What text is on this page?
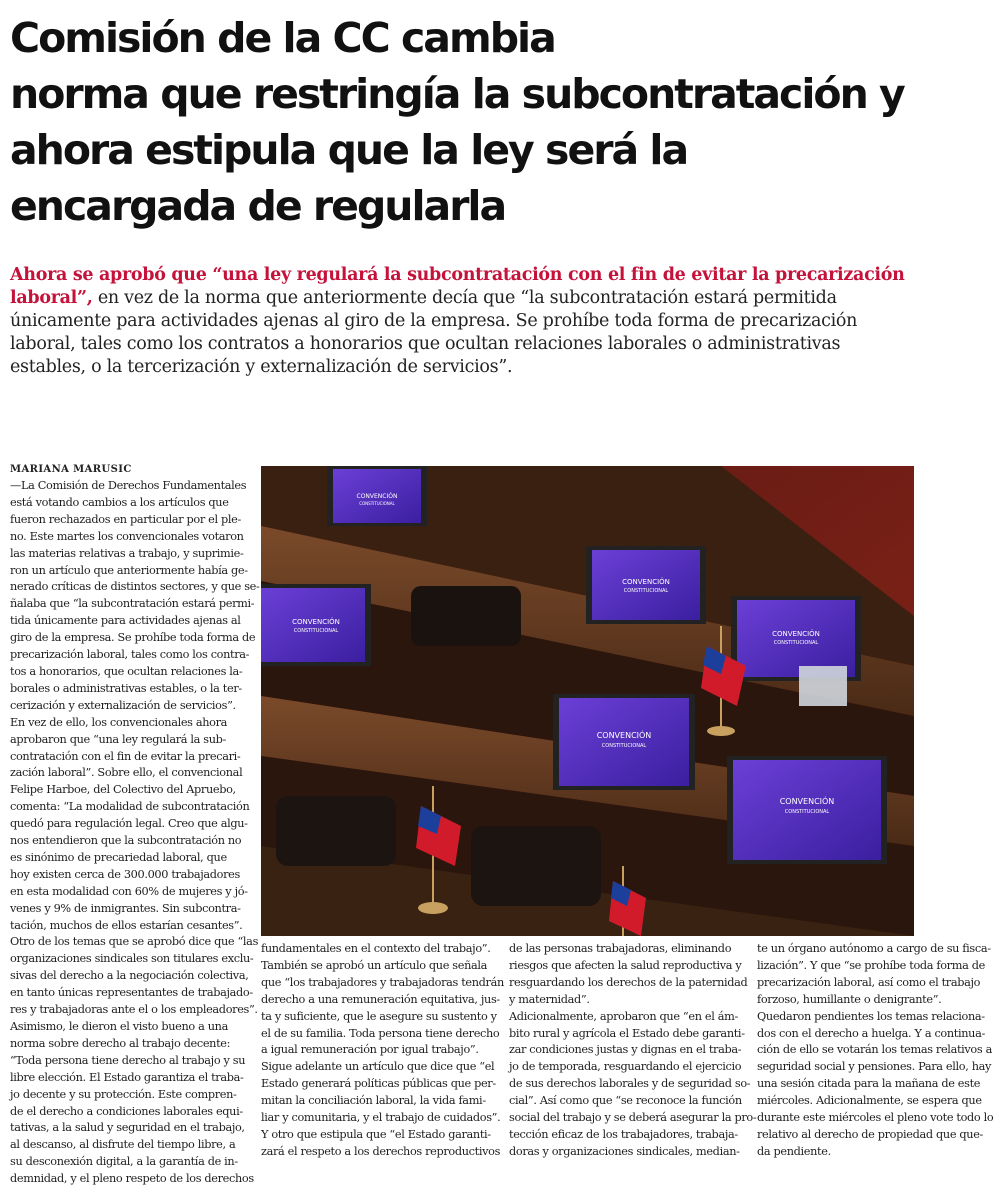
Comisión de la CC cambia
norma que restringía la subcontratación y
ahora estipula que la ley será la
encargada de regularla

Ahora se aprobó que “una ley regulará la subcontratación con el fin de evitar la precarización
laboral”, en vez de la norma que anteriormente decía que “la subcontratación estará permitida
únicamente para actividades ajenas al giro de la empresa. Se prohíbe toda forma de precarización
laboral, tales como los contratos a honorarios que ocultan relaciones laborales o administrativas
estables, o la tercerización y externalización de servicios”.

MARIANA MARUSIC
CONVENCIÓN
CONSTITUCIONAL
CONVENCIÓN
CONSTITUCIONAL
CONVENCIÓN
CONSTITUCIONAL
CONVENCIÓN
CONSTITUCIONAL
CONVENCIÓN
CONSTITUCIONAL
CONVENCIÓN
CONSTITUCIONAL
—La Comisión de Derechos Fundamentales
está votando cambios a los artículos que
fueron rechazados en particular por el ple-
no. Este martes los convencionales votaron
las materias relativas a trabajo, y suprimie-
ron un artículo que anteriormente había ge-
nerado críticas de distintos sectores, y que se-
ñalaba que “la subcontratación estará permi-
tida únicamente para actividades ajenas al
giro de la empresa. Se prohíbe toda forma de
precarización laboral, tales como los contra-
tos a honorarios, que ocultan relaciones la-
borales o administrativas estables, o la ter-
cerización y externalización de servicios”.
En vez de ello, los convencionales ahora
aprobaron que “una ley regulará la sub-
contratación con el fin de evitar la precari-
zación laboral”. Sobre ello, el convencional
Felipe Harboe, del Colectivo del Apruebo,
comenta: “La modalidad de subcontratación
quedó para regulación legal. Creo que algu-
nos entendieron que la subcontratación no
es sinónimo de precariedad laboral, que
hoy existen cerca de 300.000 trabajadores
en esta modalidad con 60% de mujeres y jó-
venes y 9% de inmigrantes. Sin subcontra-
tación, muchos de ellos estarían cesantes”.
Otro de los temas que se aprobó dice que “las
organizaciones sindicales son titulares exclu-
sivas del derecho a la negociación colectiva,
en tanto únicas representantes de trabajado-
res y trabajadoras ante el o los empleadores”.
Asimismo, le dieron el visto bueno a una
norma sobre derecho al trabajo decente:
“Toda persona tiene derecho al trabajo y su
libre elección. El Estado garantiza el traba-
jo decente y su protección. Este compren-
de el derecho a condiciones laborales equi-
tativas, a la salud y seguridad en el trabajo,
al descanso, al disfrute del tiempo libre, a
su desconexión digital, a la garantía de in-
demnidad, y el pleno respeto de los derechos
fundamentales en el contexto del trabajo”.
También se aprobó un artículo que señala
que “los trabajadores y trabajadoras tendrán
derecho a una remuneración equitativa, jus-
ta y suficiente, que le asegure su sustento y
el de su familia. Toda persona tiene derecho
a igual remuneración por igual trabajo”.
Sigue adelante un artículo que dice que “el
Estado generará políticas públicas que per-
mitan la conciliación laboral, la vida fami-
liar y comunitaria, y el trabajo de cuidados”.
Y otro que estipula que “el Estado garanti-
zará el respeto a los derechos reproductivos
de las personas trabajadoras, eliminando
riesgos que afecten la salud reproductiva y
resguardando los derechos de la paternidad
y maternidad”.
Adicionalmente, aprobaron que “en el ám-
bito rural y agrícola el Estado debe garanti-
zar condiciones justas y dignas en el traba-
jo de temporada, resguardando el ejercicio
de sus derechos laborales y de seguridad so-
cial”. Así como que “se reconoce la función
social del trabajo y se deberá asegurar la pro-
tección eficaz de los trabajadores, trabaja-
doras y organizaciones sindicales, median-
te un órgano autónomo a cargo de su fisca-
lización”. Y que “se prohíbe toda forma de
precarización laboral, así como el trabajo
forzoso, humillante o denigrante”.
Quedaron pendientes los temas relaciona-
dos con el derecho a huelga. Y a continua-
ción de ello se votarán los temas relativos a
seguridad social y pensiones. Para ello, hay
una sesión citada para la mañana de este
miércoles. Adicionalmente, se espera que
durante este miércoles el pleno vote todo lo
relativo al derecho de propiedad que que-
da pendiente.
